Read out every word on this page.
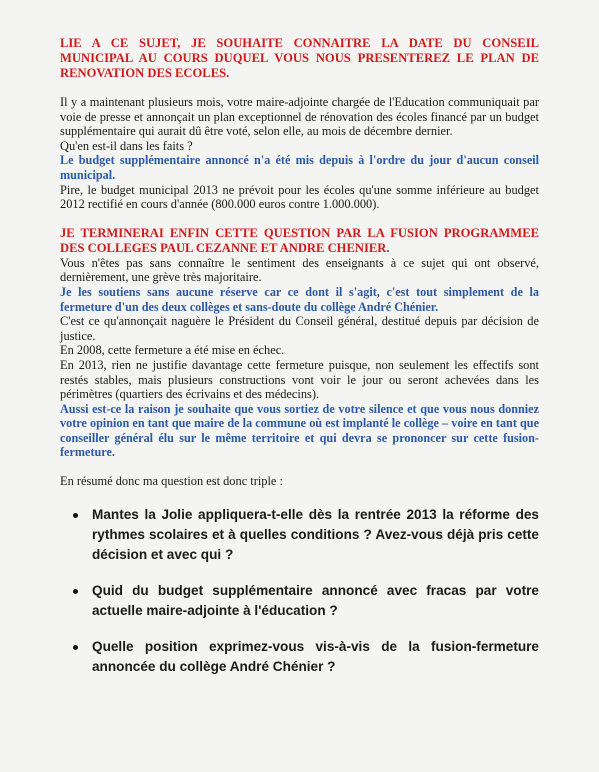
LIE A CE SUJET, JE SOUHAITE CONNAITRE LA DATE DU CONSEIL MUNICIPAL AU COURS DUQUEL VOUS NOUS PRESENTEREZ LE PLAN DE RENOVATION DES ECOLES.

Il y a maintenant plusieurs mois, votre maire-adjointe chargée de l'Education communiquait par voie de presse et annonçait un plan exceptionnel de rénovation des écoles financé par un budget supplémentaire qui aurait dû être voté, selon elle, au mois de décembre dernier.

Qu'en est-il dans les faits ?

Le budget supplémentaire annoncé n'a été mis depuis à l'ordre du jour d'aucun conseil municipal.

Pire, le budget municipal 2013 ne prévoit pour les écoles qu'une somme inférieure au budget 2012 rectifié en cours d'année (800.000 euros contre 1.000.000).

JE TERMINERAI ENFIN CETTE QUESTION PAR LA FUSION PROGRAMMEE DES COLLEGES PAUL CEZANNE ET ANDRE CHENIER.

Vous n'êtes pas sans connaître le sentiment des enseignants à ce sujet qui ont observé, dernièrement, une grève très majoritaire.

Je les soutiens sans aucune réserve car ce dont il s'agit, c'est tout simplement de la fermeture d'un des deux collèges et sans-doute du collège André Chénier.

C'est ce qu'annonçait naguère le Président du Conseil général, destitué depuis par décision de justice.

En 2008, cette fermeture a été mise en échec.

En 2013, rien ne justifie davantage cette fermeture puisque, non seulement les effectifs sont restés stables, mais plusieurs constructions vont voir le jour ou seront achevées dans les périmètres (quartiers des écrivains et des médecins).

Aussi est-ce la raison je souhaite que vous sortiez de votre silence et que vous nous donniez votre opinion en tant que maire de la commune où est implanté le collège – voire en tant que conseiller général élu sur le même territoire et qui devra se prononcer sur cette fusion-fermeture.

En résumé donc ma question est donc triple :

Mantes la Jolie appliquera-t-elle dès la rentrée 2013 la réforme des rythmes scolaires et à quelles conditions ? Avez-vous déjà pris cette décision et avec qui ?
Quid du budget supplémentaire annoncé avec fracas par votre actuelle maire-adjointe à l'éducation ?
Quelle position exprimez-vous vis-à-vis de la fusion-fermeture annoncée du collège André Chénier ?
